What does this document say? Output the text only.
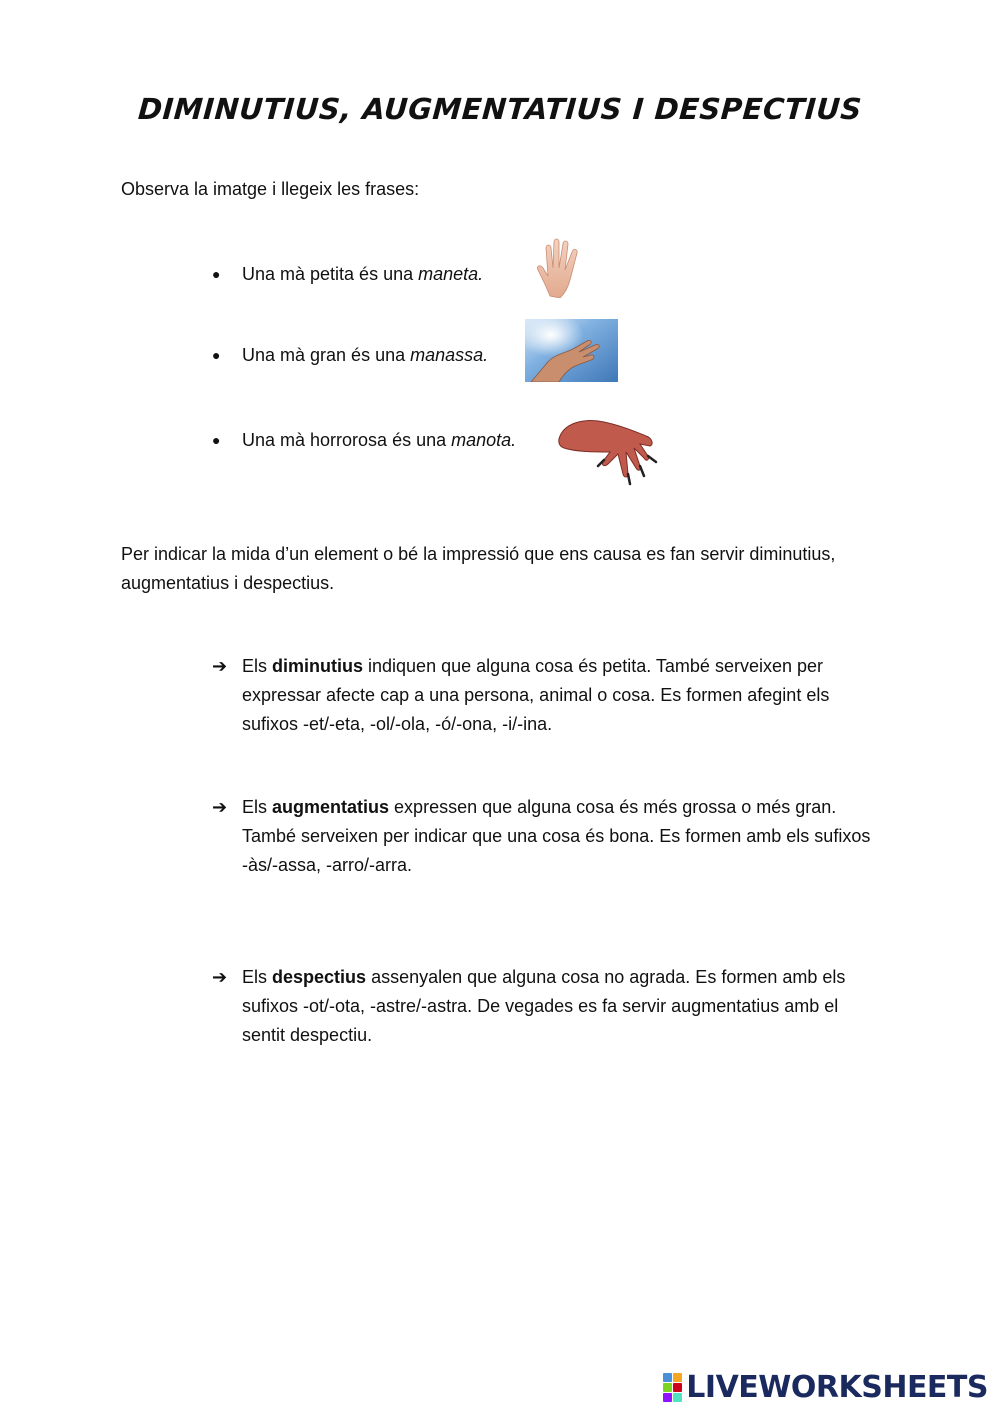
DIMINUTIUS, AUGMENTATIUS I DESPECTIUS
Observa la imatge i llegeix les frases:
●	Una mà petita és una
maneta.
●	Una mà gran és una
manassa.
●	Una mà horrorosa és una
manota.
Per indicar la mida d’un element o bé la impressió que ens causa es fan servir diminutius, augmentatius i despectius.
➔ Els diminutius indiquen que alguna cosa és petita. També serveixen per expressar afecte cap a una persona, animal o cosa. Es formen afegint els sufixos -et/-eta, -ol/-ola, -ó/-ona, -i/-ina.
➔ Els augmentatius expressen que alguna cosa és més grossa o més gran. També serveixen per indicar que una cosa és bona. Es formen amb els sufixos -às/-assa, -arro/-arra.
➔ Els despectius assenyalen que alguna cosa no agrada. Es formen amb els sufixos -ot/-ota, -astre/-astra. De vegades es fa servir augmentatius amb el sentit despectiu.
LIVEWORKSHEETS
